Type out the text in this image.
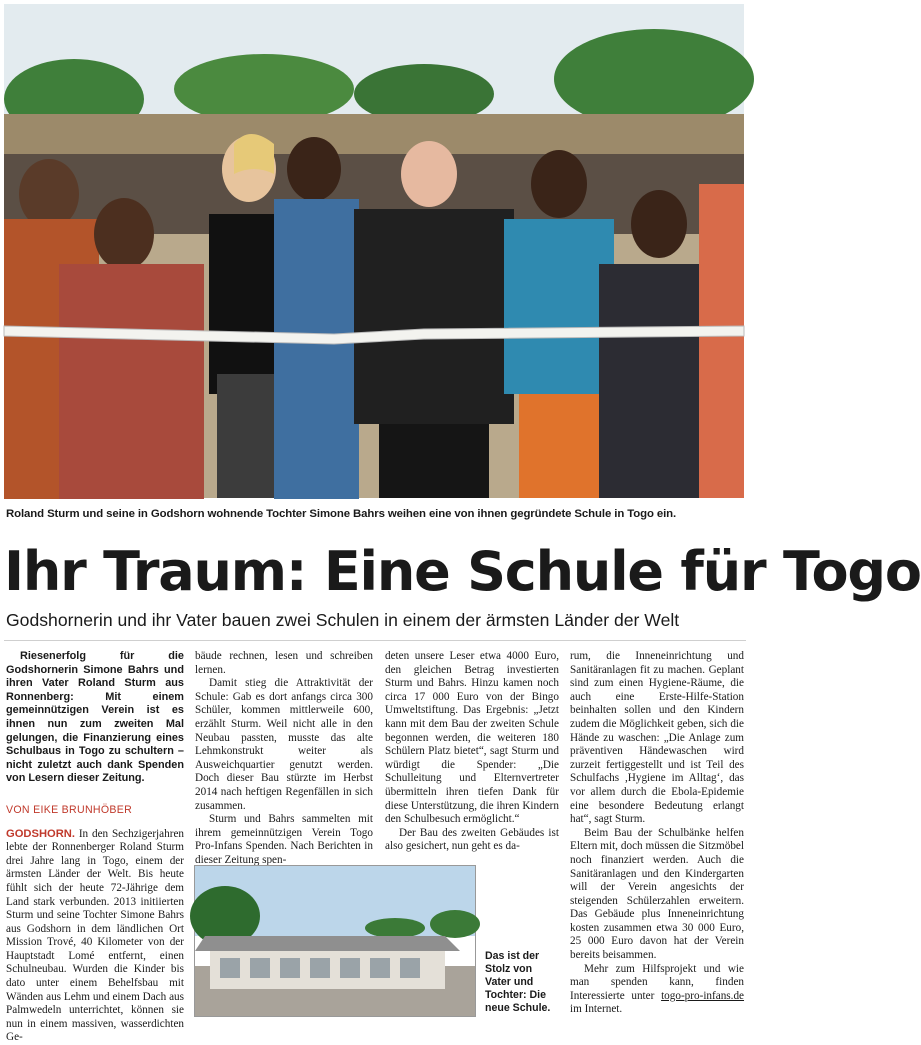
Roland Sturm und seine in Godshorn wohnende Tochter Simone Bahrs weihen eine von ihnen gegründete Schule in Togo ein.
Ihr Traum: Eine Schule für Togo
Godshornerin und ihr Vater bauen zwei Schulen in einem der ärmsten Länder der Welt

Riesenerfolg für die Godshornerin Simone Bahrs und ihren Vater Roland Sturm aus Ronnenberg: Mit einem gemeinnützigen Verein ist es ihnen nun zum zweiten Mal gelungen, die Finanzierung eines Schulbaus in Togo zu schultern – nicht zuletzt auch dank Spenden von Lesern dieser Zeitung.

VON EIKE BRUNHÖBER

GODSHORN. In den Sechzigerjahren lebte der Ronnenberger Roland Sturm drei Jahre lang in Togo, einem der ärmsten Länder der Welt. Bis heute fühlt sich der heute 72-Jährige dem Land stark verbunden. 2013 initiierten Sturm und seine Tochter Simone Bahrs aus Godshorn in dem ländlichen Ort Mission Trové, 40 Kilometer von der Hauptstadt Lomé entfernt, einen Schulneubau. Wurden die Kinder bis dato unter einem Behelfsbau mit Wänden aus Lehm und einem Dach aus Palmwedeln unterrichtet, können sie nun in einem massiven, wasserdichten Ge-

bäude rechnen, lesen und schreiben lernen.

Damit stieg die Attraktivität der Schule: Gab es dort anfangs circa 300 Schüler, kommen mittlerweile 600, erzählt Sturm. Weil nicht alle in den Neubau passten, musste das alte Lehmkonstrukt weiter als Ausweichquartier genutzt werden. Doch dieser Bau stürzte im Herbst 2014 nach heftigen Regenfällen in sich zusammen.

Sturm und Bahrs sammelten mit ihrem gemeinnützigen Verein Togo Pro-Infans Spenden. Nach Berichten in dieser Zeitung spen-

deten unsere Leser etwa 4000 Euro, den gleichen Betrag investierten Sturm und Bahrs. Hinzu kamen noch circa 17 000 Euro von der Bingo Umweltstiftung. Das Ergebnis: „Jetzt kann mit dem Bau der zweiten Schule begonnen werden, die weiteren 180 Schülern Platz bietet“, sagt Sturm und würdigt die Spender: „Die Schulleitung und Elternvertreter übermitteln ihren tiefen Dank für diese Unterstützung, die ihren Kindern den Schulbesuch ermöglicht.“

Der Bau des zweiten Gebäudes ist also gesichert, nun geht es da-

rum, die Inneneinrichtung und Sanitäranlagen fit zu machen. Geplant sind zum einen Hygiene-Räume, die auch eine Erste-Hilfe-Station beinhalten sollen und den Kindern zudem die Möglichkeit geben, sich die Hände zu waschen: „Die Anlage zum präventiven Händewaschen wird zurzeit fertiggestellt und ist Teil des Schulfachs ,Hygiene im Alltag‘, das vor allem durch die Ebola-Epidemie eine besondere Bedeutung erlangt hat“, sagt Sturm.

Beim Bau der Schulbänke helfen Eltern mit, doch müssen die Sitzmöbel noch finanziert werden. Auch die Sanitäranlagen und den Kindergarten will der Verein angesichts der steigenden Schülerzahlen erweitern. Das Gebäude plus Inneneinrichtung kosten zusammen etwa 30 000 Euro, 25 000 Euro davon hat der Verein bereits beisammen.

Mehr zum Hilfsprojekt und wie man spenden kann, finden Interessierte unter togo-pro-infans.de im Internet.

Das ist der Stolz von Vater und Tochter: Die neue Schule.
